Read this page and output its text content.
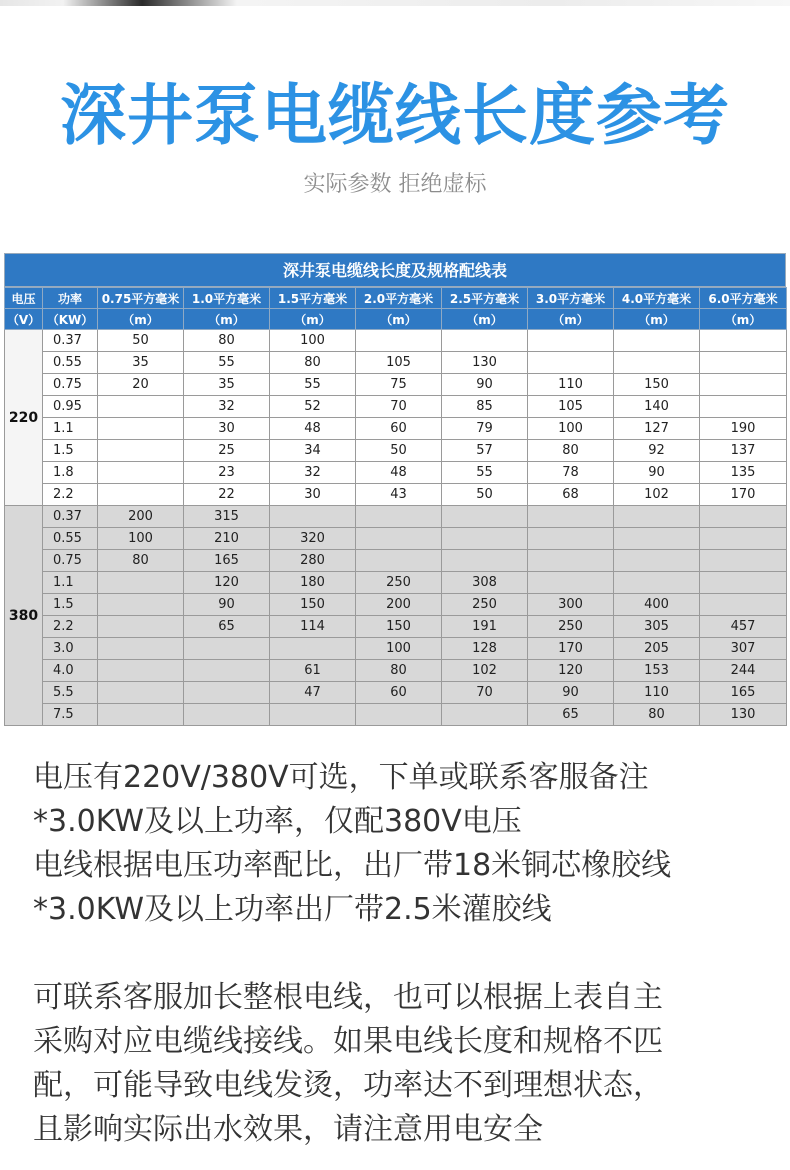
深井泵电缆线长度参考
实际参数 拒绝虚标
深井泵电缆线长度及规格配线表
电压	功率	0.75平方毫米	1.0平方毫米	1.5平方毫米	2.0平方毫米	2.5平方毫米	3.0平方毫米	4.0平方毫米	6.0平方毫米
（V）	（KW）	（m）	（m）	（m）	（m）	（m）	（m）	（m）	（m）
220	0.37	50	80	100					
	0.55	35	55	80	105	130			
	0.75	20	35	55	75	90	110	150	
	0.95		32	52	70	85	105	140	
	1.1		30	48	60	79	100	127	190
	1.5		25	34	50	57	80	92	137
	1.8		23	32	48	55	78	90	135
	2.2		22	30	43	50	68	102	170
380	0.37	200	315						
	0.55	100	210	320					
	0.75	80	165	280					
	1.1		120	180	250	308			
	1.5		90	150	200	250	300	400	
	2.2		65	114	150	191	250	305	457
	3.0				100	128	170	205	307
	4.0			61	80	102	120	153	244
	5.5			47	60	70	90	110	165
	7.5						65	80	130
电压有220V/380V可选，下单或联系客服备注
*3.0KW及以上功率，仅配380V电压
电线根据电压功率配比，出厂带18米铜芯橡胶线
*3.0KW及以上功率出厂带2.5米灌胶线
可联系客服加长整根电线，也可以根据上表自主
采购对应电缆线接线。如果电线长度和规格不匹
配，可能导致电线发烫，功率达不到理想状态，
且影响实际出水效果，请注意用电安全
